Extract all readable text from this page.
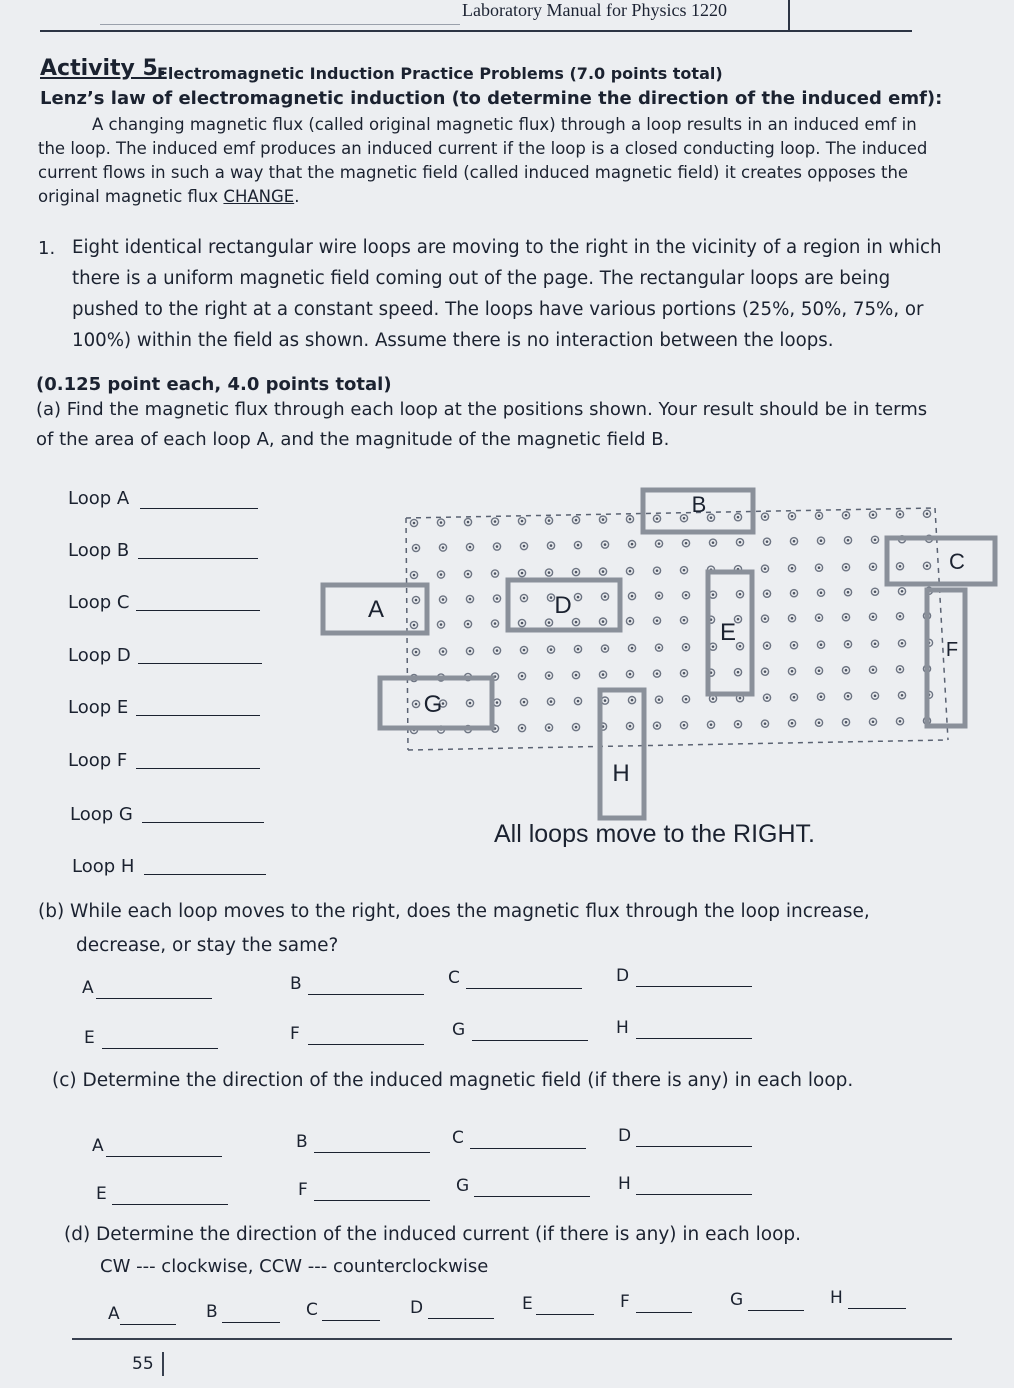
Laboratory Manual for Physics 1220
Activity 5.
Electromagnetic Induction Practice Problems (7.0 points total)
Lenz’s law of electromagnetic induction (to determine the direction of the induced emf):

A changing magnetic flux (called original magnetic flux) through a loop results in an induced emf in the loop. The induced emf produces an induced current if the loop is a closed conducting loop. The induced current flows in such a way that the magnetic field (called induced magnetic field) it creates opposes the original magnetic flux CHANGE.

1. Eight identical rectangular wire loops are moving to the right in the vicinity of a region in which there is a uniform magnetic field coming out of the page. The rectangular loops are being pushed to the right at a constant speed. The loops have various portions (25%, 50%, 75%, or 100%) within the field as shown. Assume there is no interaction between the loops.
(0.125 point each, 4.0 points total)
(a) Find the magnetic flux through each loop at the positions shown. Your result should be in terms of the area of each loop A, and the magnitude of the magnetic field B.
Loop A
Loop B
Loop C
Loop D
Loop E
Loop F
Loop G
Loop H
A
B
C
D
E
F
G
H
All loops move to the RIGHT.
(b) While each loop moves to the right, does the magnetic flux through the loop increase, decrease, or stay the same?
A	B	C	D
E	F	G	H
(c) Determine the direction of the induced magnetic field (if there is any) in each loop.
A	B	C	D
E	F	G	H
(d) Determine the direction of the induced current (if there is any) in each loop.
CW --- clockwise, CCW --- counterclockwise
A	B	C	D	E	F	G	H
55
